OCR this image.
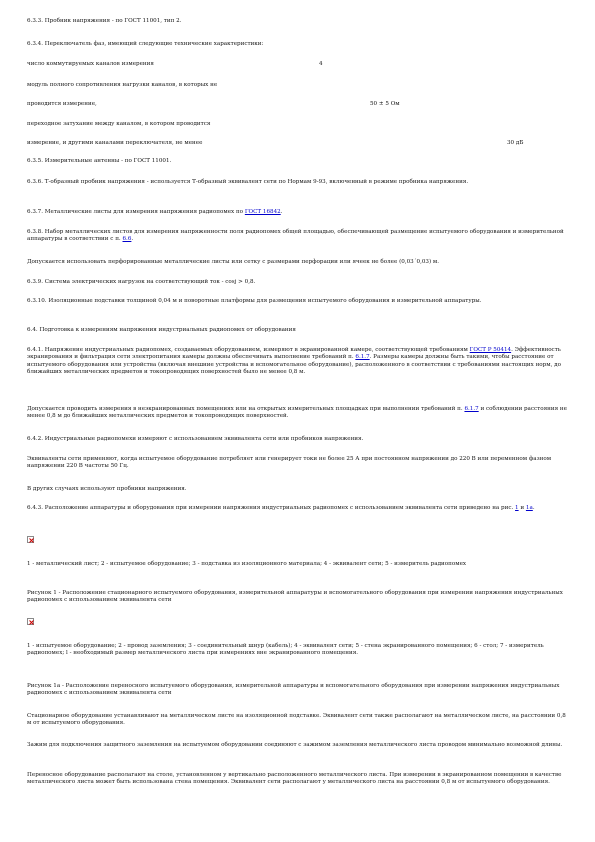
6.3.3. Пробник напряжения - по ГОСТ 11001, тип 2.

6.3.4. Переключатель фаз, имеющий следующие технические характеристики:

число коммутируемых каналов измерения	4
модуль полного сопротивления нагрузки каналов, в которых не
проводится измерение,	50 ± 5 Ом
переходное затухание между каналом, в котором проводится
измерение, и другими каналами переключателя, не менее	30 дБ

6.3.5. Измерительные антенны - по ГОСТ 11001.

6.3.6. Т-образный пробник напряжения - используется Т-образный эквивалент сети по Нормам 9-93, включенный в режиме пробника напряжения.

6.3.7. Металлические листы для измерения напряжения радиопомех по ГОСТ 16842.

6.3.8. Набор металлических листов для измерения напряженности поля радиопомех общей площадью, обеспечивающей размещение испытуемого оборудования и измерительной аппаратуры в соответствии с п. 6.6.

Допускается использовать перфорированные металлические листы или сетку с размерами перфорации или ячеек не более (0,03´0,03) м.

6.3.9. Система электрических нагрузок на соответствующий ток - cosj > 0,8.

6.3.10. Изоляционные подставки толщиной 0,04 м и поворотные платформы для размещения испытуемого оборудования и измерительной аппаратуры.

6.4. Подготовка к измерениям напряжения индустриальных радиопомех от оборудования

6.4.1. Напряжение индустриальных радиопомех, создаваемых оборудованием, измеряют в экранированной камере, соответствующей требованиям ГОСТ Р 50414. Эффективность экранирования и фильтрация сети электропитания камеры должны обеспечивать выполнение требований п. 6.1.7. Размеры камеры должны быть такими, чтобы расстояние от испытуемого оборудования или устройства (включая внешние устройства и вспомогательное оборудование), расположенного в соответствии с требованиями настоящих норм, до ближайших металлических предметов и токопроводящих поверхностей было не менее 0,8 м.

Допускается проводить измерения в неэкранированных помещениях или на открытых измерительных площадках при выполнении требований п. 6.1.7 и соблюдении расстояния не менее 0,8 м до ближайших металлических предметов и токопроводящих поверхностей.

6.4.2. Индустриальные радиопомехи измеряют с использованием эквивалента сети или пробников напряжения.

Эквиваленты сети применяют, когда испытуемое оборудование потребляет или генерирует токи не более 25 А при постоянном напряжении до 220 В или переменном фазном напряжении 220 В частоты 50 Гц.

В других случаях используют пробники напряжения.

6.4.3. Расположение аппаратуры и оборудования при измерении напряжения индустриальных радиопомех с использованием эквивалента сети приведено на рис. 1 и 1а.

1 - металлический лист; 2 - испытуемое оборудование; 3 - подставка из изоляционного материала; 4 - эквивалент сети; 5 - измеритель радиопомех

Рисунок 1 - Расположение стационарного испытуемого оборудования, измерительной аппаратуры и вспомогательного оборудования при измерении напряжения индустриальных радиопомех с использованием эквивалента сети

1 - испытуемое оборудование; 2 - провод заземления; 3 - соединительный шнур (кабель); 4 - эквивалент сети; 5 - стена экранированного помещения; 6 - стол; 7 - измеритель радиопомех; l - необходимый размер металлического листа при измерениях вне экранированного помещения.

Рисунок 1а - Расположение переносного испытуемого оборудования, измерительной аппаратуры и вспомогательного оборудования при измерении напряжения индустриальных радиопомех с использованием эквивалента сети

Стационарное оборудование устанавливают на металлическом листе на изоляционной подставке. Эквивалент сети также располагают на металлическом листе, на расстоянии 0,8 м от испытуемого оборудования.

Зажим для подключения защитного заземления на испытуемом оборудовании соединяют с зажимом заземления металлического листа проводом минимально возможной длины.

Переносное оборудование располагают на столе, установленном у вертикально расположенного металлического листа. При измерении в экранированном помещении в качестве металлического листа может быть использована стена помещения. Эквивалент сети располагают у металлического листа на расстоянии 0,8 м от испытуемого оборудования.
